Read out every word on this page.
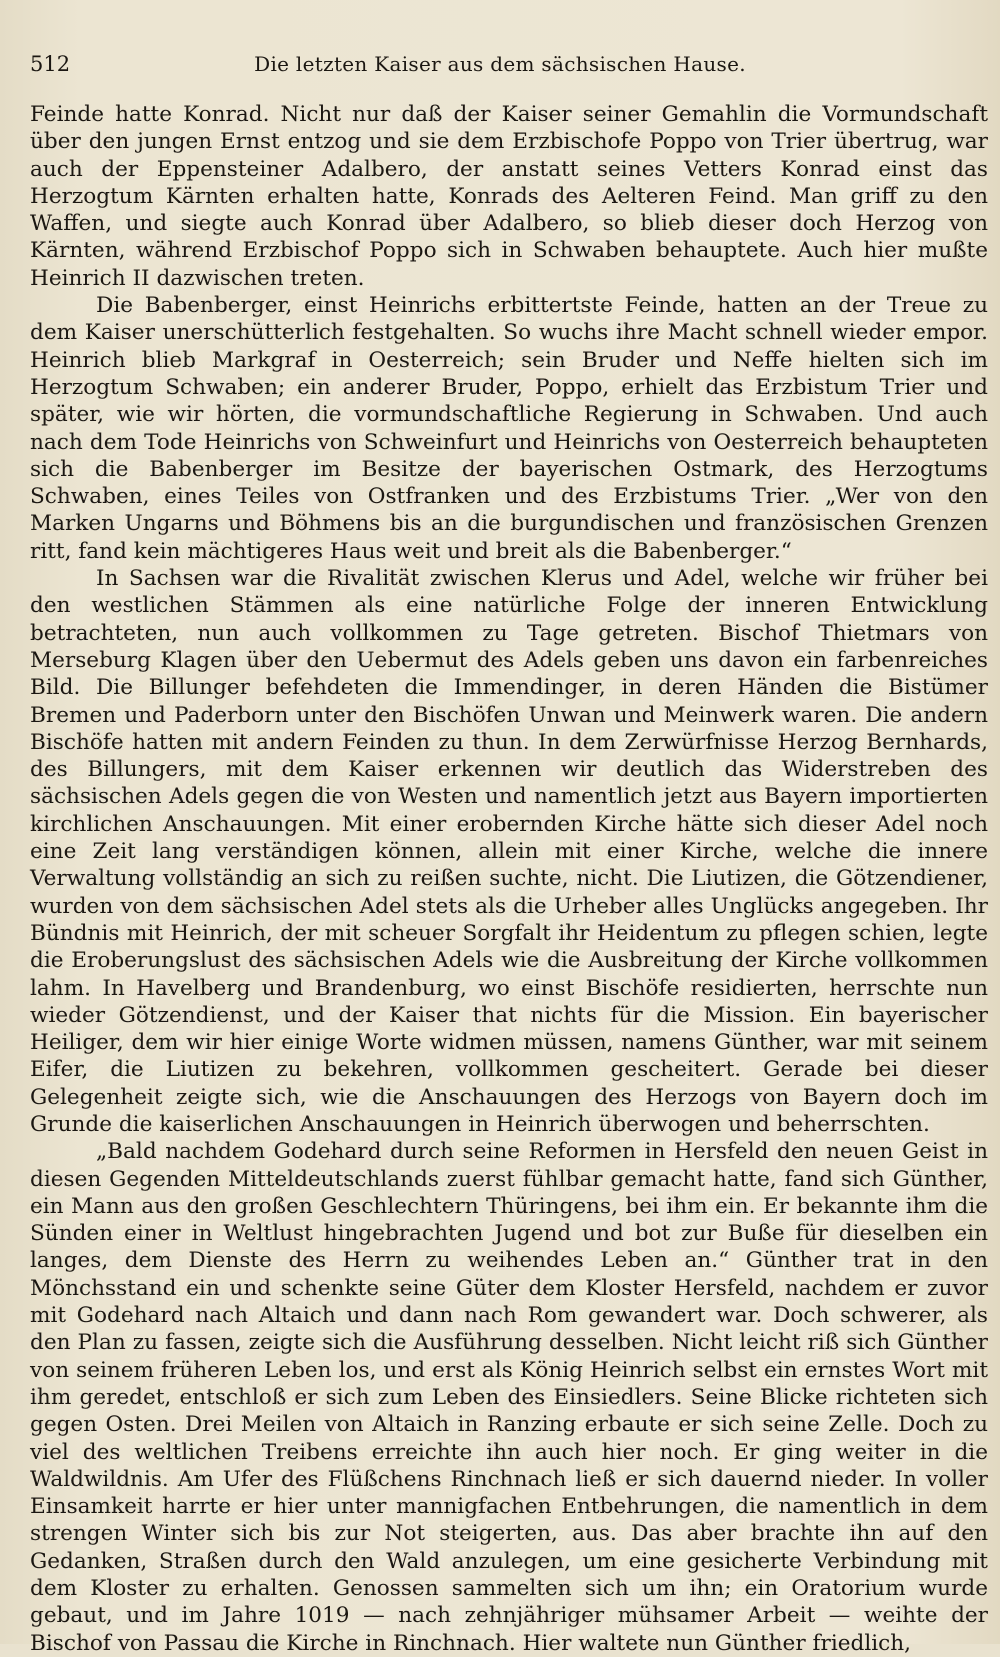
512	Die letzten Kaiser aus dem sächsischen Hause.

Feinde hatte Konrad. Nicht nur daß der Kaiser seiner Gemahlin die Vormundschaft über den jungen Ernst entzog und sie dem Erzbischofe Poppo von Trier übertrug, war auch der Eppensteiner Adalbero, der anstatt seines Vetters Konrad einst das Herzogtum Kärnten erhalten hatte, Konrads des Aelteren Feind. Man griff zu den Waffen, und siegte auch Konrad über Adalbero, so blieb dieser doch Herzog von Kärnten, während Erzbischof Poppo sich in Schwaben behauptete. Auch hier mußte Heinrich II dazwischen treten.

Die Babenberger, einst Heinrichs erbittertste Feinde, hatten an der Treue zu dem Kaiser unerschütterlich festgehalten. So wuchs ihre Macht schnell wieder empor. Heinrich blieb Markgraf in Oesterreich; sein Bruder und Neffe hielten sich im Herzogtum Schwaben; ein anderer Bruder, Poppo, erhielt das Erzbistum Trier und später, wie wir hörten, die vormundschaftliche Regierung in Schwaben. Und auch nach dem Tode Heinrichs von Schweinfurt und Heinrichs von Oesterreich behaupteten sich die Babenberger im Besitze der bayerischen Ostmark, des Herzogtums Schwaben, eines Teiles von Ostfranken und des Erzbistums Trier. „Wer von den Marken Ungarns und Böhmens bis an die burgundischen und französischen Grenzen ritt, fand kein mächtigeres Haus weit und breit als die Babenberger.“

In Sachsen war die Rivalität zwischen Klerus und Adel, welche wir früher bei den westlichen Stämmen als eine natürliche Folge der inneren Entwicklung betrachteten, nun auch vollkommen zu Tage getreten. Bischof Thietmars von Merseburg Klagen über den Uebermut des Adels geben uns davon ein farbenreiches Bild. Die Billunger befehdeten die Immendinger, in deren Händen die Bistümer Bremen und Paderborn unter den Bischöfen Unwan und Meinwerk waren. Die andern Bischöfe hatten mit andern Feinden zu thun. In dem Zerwürfnisse Herzog Bernhards, des Billungers, mit dem Kaiser erkennen wir deutlich das Widerstreben des sächsischen Adels gegen die von Westen und namentlich jetzt aus Bayern importierten kirchlichen Anschauungen. Mit einer erobernden Kirche hätte sich dieser Adel noch eine Zeit lang verständigen können, allein mit einer Kirche, welche die innere Verwaltung vollständig an sich zu reißen suchte, nicht. Die Liutizen, die Götzendiener, wurden von dem sächsischen Adel stets als die Urheber alles Unglücks angegeben. Ihr Bündnis mit Heinrich, der mit scheuer Sorgfalt ihr Heidentum zu pflegen schien, legte die Eroberungslust des sächsischen Adels wie die Ausbreitung der Kirche vollkommen lahm. In Havelberg und Brandenburg, wo einst Bischöfe residierten, herrschte nun wieder Götzendienst, und der Kaiser that nichts für die Mission. Ein bayerischer Heiliger, dem wir hier einige Worte widmen müssen, namens Günther, war mit seinem Eifer, die Liutizen zu bekehren, vollkommen gescheitert. Gerade bei dieser Gelegenheit zeigte sich, wie die Anschauungen des Herzogs von Bayern doch im Grunde die kaiserlichen Anschauungen in Heinrich überwogen und beherrschten.

„Bald nachdem Godehard durch seine Reformen in Hersfeld den neuen Geist in diesen Gegenden Mitteldeutschlands zuerst fühlbar gemacht hatte, fand sich Günther, ein Mann aus den großen Geschlechtern Thüringens, bei ihm ein. Er bekannte ihm die Sünden einer in Weltlust hingebrachten Jugend und bot zur Buße für dieselben ein langes, dem Dienste des Herrn zu weihendes Leben an.“ Günther trat in den Mönchsstand ein und schenkte seine Güter dem Kloster Hersfeld, nachdem er zuvor mit Godehard nach Altaich und dann nach Rom gewandert war. Doch schwerer, als den Plan zu fassen, zeigte sich die Ausführung desselben. Nicht leicht riß sich Günther von seinem früheren Leben los, und erst als König Heinrich selbst ein ernstes Wort mit ihm geredet, entschloß er sich zum Leben des Einsiedlers. Seine Blicke richteten sich gegen Osten. Drei Meilen von Altaich in Ranzing erbaute er sich seine Zelle. Doch zu viel des weltlichen Treibens erreichte ihn auch hier noch. Er ging weiter in die Waldwildnis. Am Ufer des Flüßchens Rinchnach ließ er sich dauernd nieder. In voller Einsamkeit harrte er hier unter mannigfachen Entbehrungen, die namentlich in dem strengen Winter sich bis zur Not steigerten, aus. Das aber brachte ihn auf den Gedanken, Straßen durch den Wald anzulegen, um eine gesicherte Verbindung mit dem Kloster zu erhalten. Genossen sammelten sich um ihn; ein Oratorium wurde gebaut, und im Jahre 1019 — nach zehnjähriger mühsamer Arbeit — weihte der Bischof von Passau die Kirche in Rinchnach. Hier waltete nun Günther friedlich,
